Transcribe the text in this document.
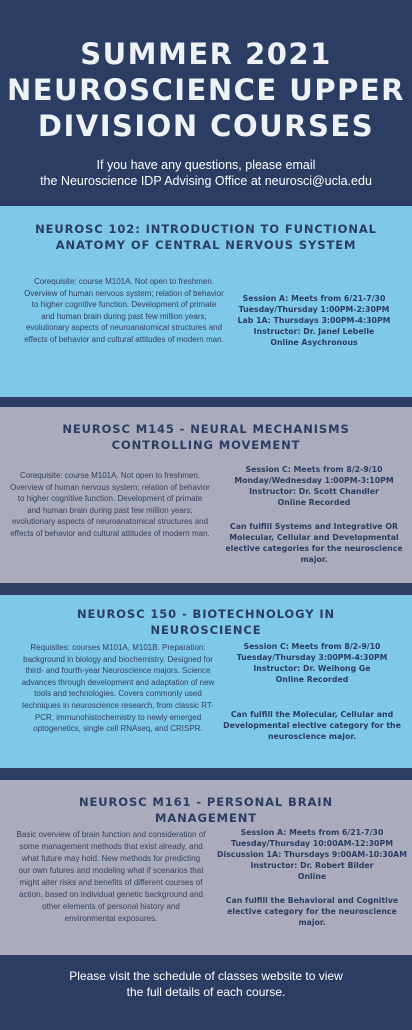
SUMMER 2021
NEUROSCIENCE UPPER
DIVISION COURSES
If you have any questions, please email
the Neuroscience IDP Advising Office at neurosci@ucla.edu
NEUROSC 102: INTRODUCTION TO FUNCTIONAL ANATOMY OF CENTRAL NERVOUS SYSTEM
Corequisite: course M101A. Not open to freshmen. Overview of human nervous system; relation of behavior to higher cognitive function. Development of primate and human brain during past few million years; evolutionary aspects of neuroanatomical structures and effects of behavior and cultural attitudes of modern man.
Session A: Meets from 6/21-7/30
Tuesday/Thursday 1:00PM-2:30PM
Lab 1A: Thursdays 3:00PM-4:30PM
Instructor: Dr. Janel Lebelle
Online Asychronous
NEUROSC M145 - NEURAL MECHANISMS CONTROLLING MOVEMENT
Corequisite: course M101A. Not open to freshmen. Overview of human nervous system; relation of behavior to higher cognitive function. Development of primate and human brain during past few million years; evolutionary aspects of neuroanatomical structures and effects of behavior and cultural attitudes of modern man.
Session C: Meets from 8/2-9/10
Monday/Wednesday 1:00PM-3:10PM
Instructor: Dr. Scott Chandler
Online Recorded
Can fulfill Systems and Integrative OR Molecular, Cellular and Developmental elective categories for the neuroscience major.
NEUROSC 150 - BIOTECHNOLOGY IN NEUROSCIENCE
Requisites: courses M101A, M101B. Preparation: background in biology and biochemistry. Designed for third- and fourth-year Neuroscience majors. Science advances through development and adaptation of new tools and technologies. Covers commonly used techniques in neuroscience research, from classic RT-PCR, immunohistochemistry to newly emerged optogenetics, single cell RNAseq, and CRISPR.
Session C: Meets from 8/2-9/10
Tuesday/Thursday 3:00PM-4:30PM
Instructor: Dr. Weihong Ge
Online Recorded
Can fulfill the Molecular, Cellular and Developmental elective category for the neuroscience major.
NEUROSC M161 - PERSONAL BRAIN MANAGEMENT
Basic overview of brain function and consideration of some management methods that exist already, and what future may hold. New methods for predicting our own futures and modeling what if scenarios that might alter risks and benefits of different courses of action, based on individual genetic background and other elements of personal history and environmental exposures.
Session A: Meets from 6/21-7/30
Tuesday/Thursday 10:00AM-12:30PM
Discussion 1A: Thursdays 9:00AM-10:30AM
Instructor: Dr. Robert Bilder
Online
Can fulfill the Behavioral and Cognitive elective category for the neuroscience major.
Please visit the schedule of classes website to view
the full details of each course.
